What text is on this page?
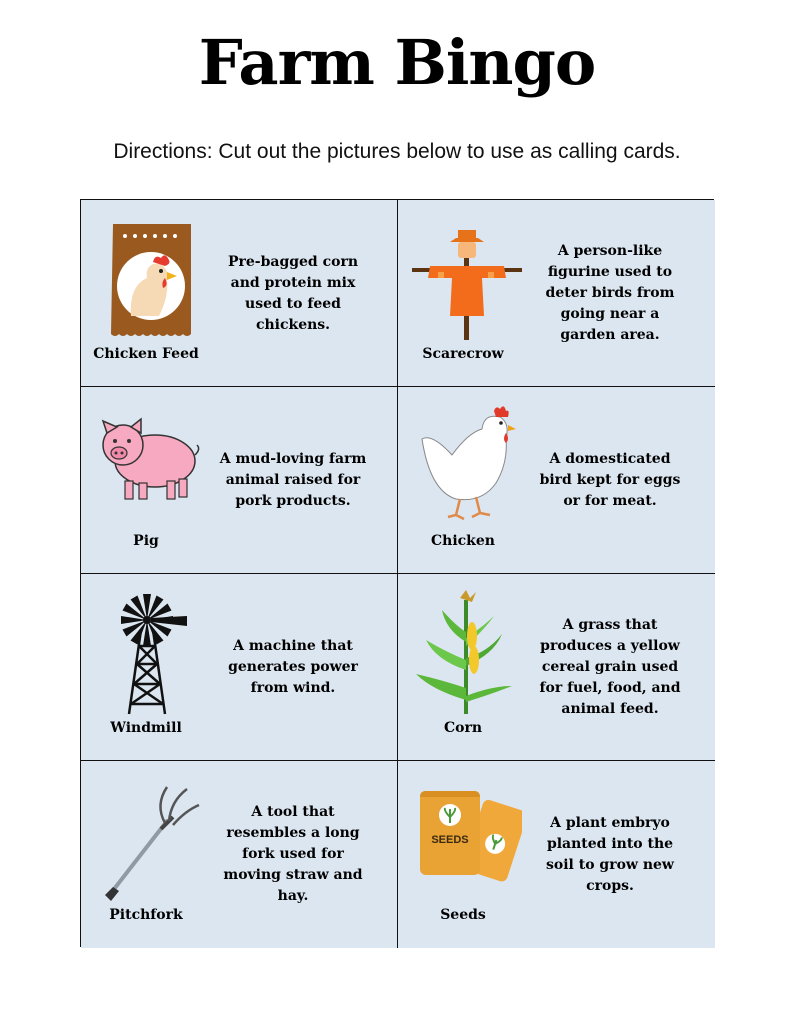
Farm Bingo
Directions: Cut out the pictures below to use as calling cards.
Chicken Feed
Pre-bagged corn and protein mix used to feed chickens.
Scarecrow
A person-like figurine used to deter birds from going near a garden area.
Pig
A mud-loving farm animal raised for pork products.
Chicken
A domesticated bird kept for eggs or for meat.
Windmill
A machine that generates power from wind.
Corn
A grass that produces a yellow cereal grain used for fuel, food, and animal feed.
Pitchfork
A tool that resembles a long fork used for moving straw and hay.
SEEDS
Seeds
A plant embryo planted into the soil to grow new crops.
